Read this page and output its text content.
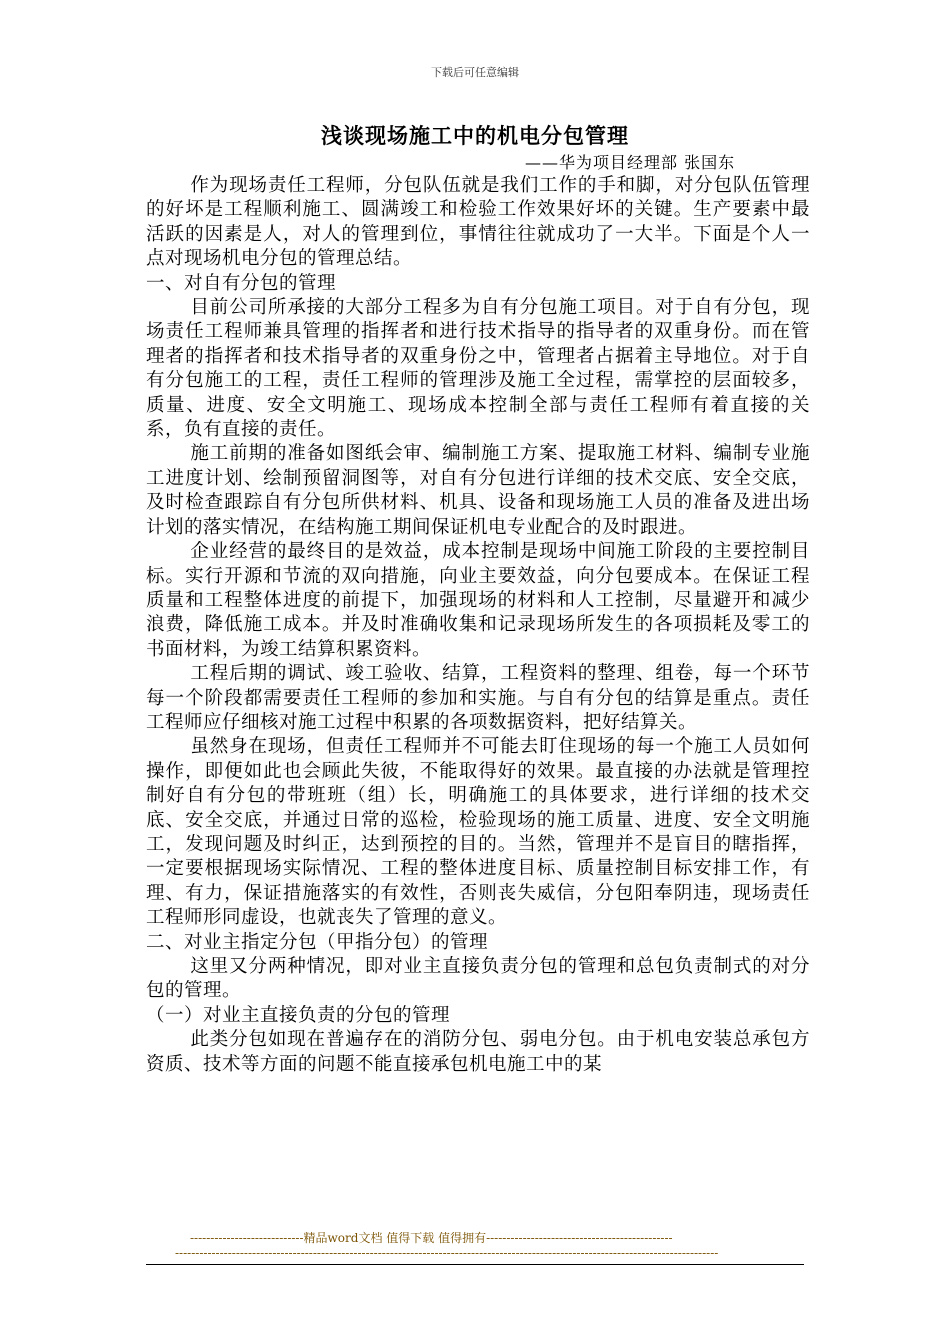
下载后可任意编辑
浅谈现场施工中的机电分包管理
——华为项目经理部 张国东

作为现场责任工程师，分包队伍就是我们工作的手和脚，对分包队伍管理的好坏是工程顺利施工、圆满竣工和检验工作效果好坏的关键。生产要素中最活跃的因素是人，对人的管理到位，事情往往就成功了一大半。下面是个人一点对现场机电分包的管理总结。

一、对自有分包的管理

目前公司所承接的大部分工程多为自有分包施工项目。对于自有分包，现场责任工程师兼具管理的指挥者和进行技术指导的指导者的双重身份。而在管理者的指挥者和技术指导者的双重身份之中，管理者占据着主导地位。对于自有分包施工的工程，责任工程师的管理涉及施工全过程，需掌控的层面较多，质量、进度、安全文明施工、现场成本控制全部与责任工程师有着直接的关系，负有直接的责任。

施工前期的准备如图纸会审、编制施工方案、提取施工材料、编制专业施工进度计划、绘制预留洞图等，对自有分包进行详细的技术交底、安全交底，及时检查跟踪自有分包所供材料、机具、设备和现场施工人员的准备及进出场计划的落实情况，在结构施工期间保证机电专业配合的及时跟进。

企业经营的最终目的是效益，成本控制是现场中间施工阶段的主要控制目标。实行开源和节流的双向措施，向业主要效益，向分包要成本。在保证工程质量和工程整体进度的前提下，加强现场的材料和人工控制，尽量避开和减少浪费，降低施工成本。并及时准确收集和记录现场所发生的各项损耗及零工的书面材料，为竣工结算积累资料。

工程后期的调试、竣工验收、结算，工程资料的整理、组卷，每一个环节每一个阶段都需要责任工程师的参加和实施。与自有分包的结算是重点。责任工程师应仔细核对施工过程中积累的各项数据资料，把好结算关。

虽然身在现场，但责任工程师并不可能去盯住现场的每一个施工人员如何操作，即便如此也会顾此失彼，不能取得好的效果。最直接的办法就是管理控制好自有分包的带班班（组）长，明确施工的具体要求，进行详细的技术交底、安全交底，并通过日常的巡检，检验现场的施工质量、进度、安全文明施工，发现问题及时纠正，达到预控的目的。当然，管理并不是盲目的瞎指挥，一定要根据现场实际情况、工程的整体进度目标、质量控制目标安排工作，有理、有力，保证措施落实的有效性，否则丧失威信，分包阳奉阴违，现场责任工程师形同虚设，也就丧失了管理的意义。

二、对业主指定分包（甲指分包）的管理

这里又分两种情况，即对业主直接负责分包的管理和总包负责制式的对分包的管理。

（一）对业主直接负责的分包的管理

此类分包如现在普遍存在的消防分包、弱电分包。由于机电安装总承包方资质、技术等方面的问题不能直接承包机电施工中的某

----------------------------精品word文档 值得下载 值得拥有----------------------------------------------
--------------------------------------------------------------------------------------------------------------------------------------
